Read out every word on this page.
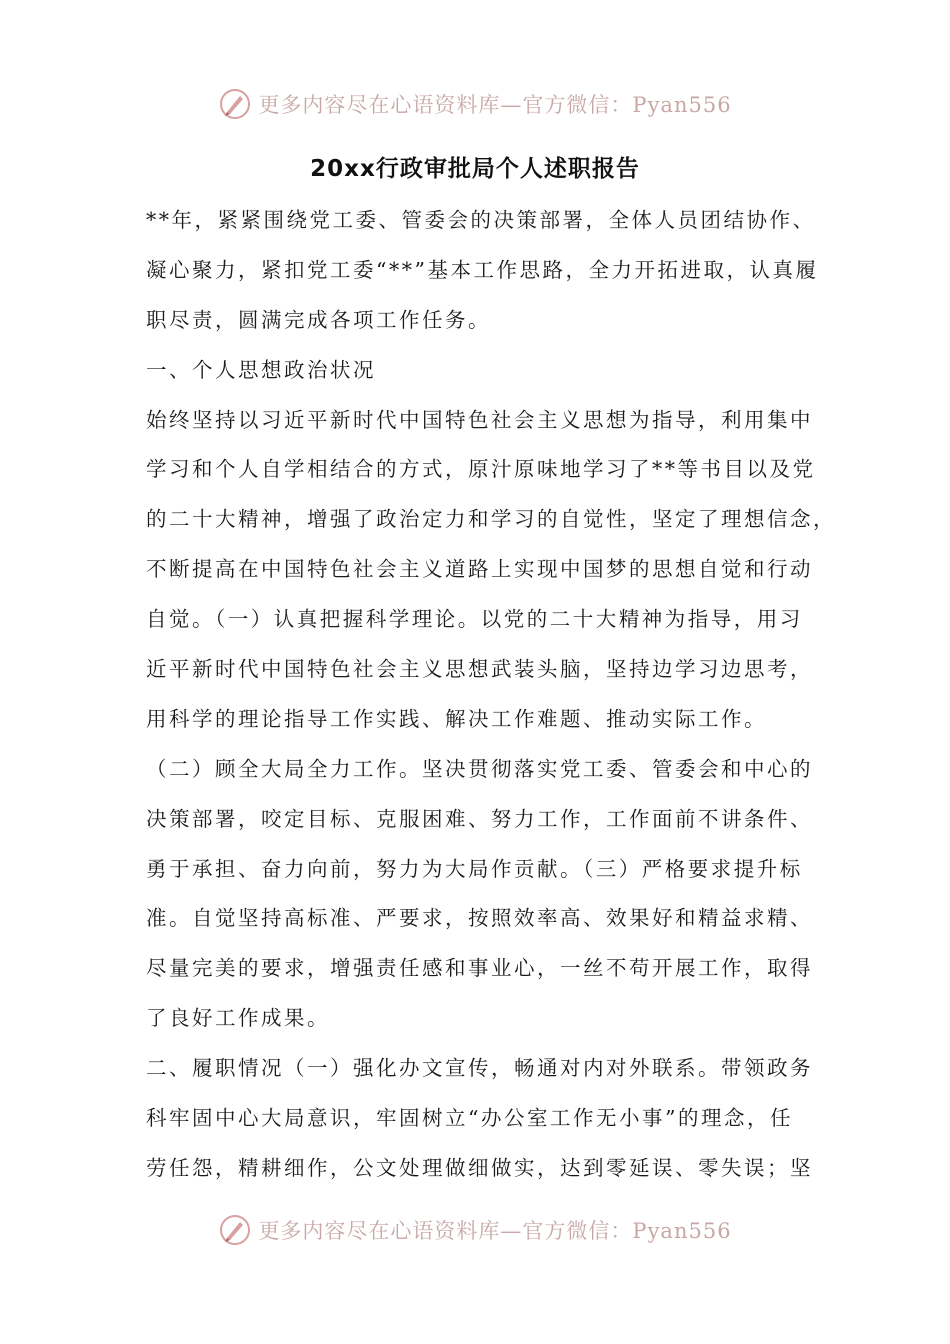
更多内容尽在心语资料库—官方微信：Pyan556
20xx行政审批局个人述职报告
**年，紧紧围绕党工委、管委会的决策部署，全体人员团结协作、
凝心聚力，紧扣党工委“**”基本工作思路，全力开拓进取，认真履
职尽责，圆满完成各项工作任务。
一、个人思想政治状况
始终坚持以习近平新时代中国特色社会主义思想为指导，利用集中
学习和个人自学相结合的方式，原汁原味地学习了**等书目以及党
的二十大精神，增强了政治定力和学习的自觉性，坚定了理想信念，
不断提高在中国特色社会主义道路上实现中国梦的思想自觉和行动
自觉。（一）认真把握科学理论。以党的二十大精神为指导，用习
近平新时代中国特色社会主义思想武装头脑，坚持边学习边思考，
用科学的理论指导工作实践、解决工作难题、推动实际工作。
（二）顾全大局全力工作。坚决贯彻落实党工委、管委会和中心的
决策部署，咬定目标、克服困难、努力工作，工作面前不讲条件、
勇于承担、奋力向前，努力为大局作贡献。（三）严格要求提升标
准。自觉坚持高标准、严要求，按照效率高、效果好和精益求精、
尽量完美的要求，增强责任感和事业心，一丝不苟开展工作，取得
了良好工作成果。
二、履职情况（一）强化办文宣传，畅通对内对外联系。带领政务
科牢固中心大局意识，牢固树立“办公室工作无小事”的理念，任
劳任怨，精耕细作，公文处理做细做实，达到零延误、零失误；坚
更多内容尽在心语资料库—官方微信：Pyan556
